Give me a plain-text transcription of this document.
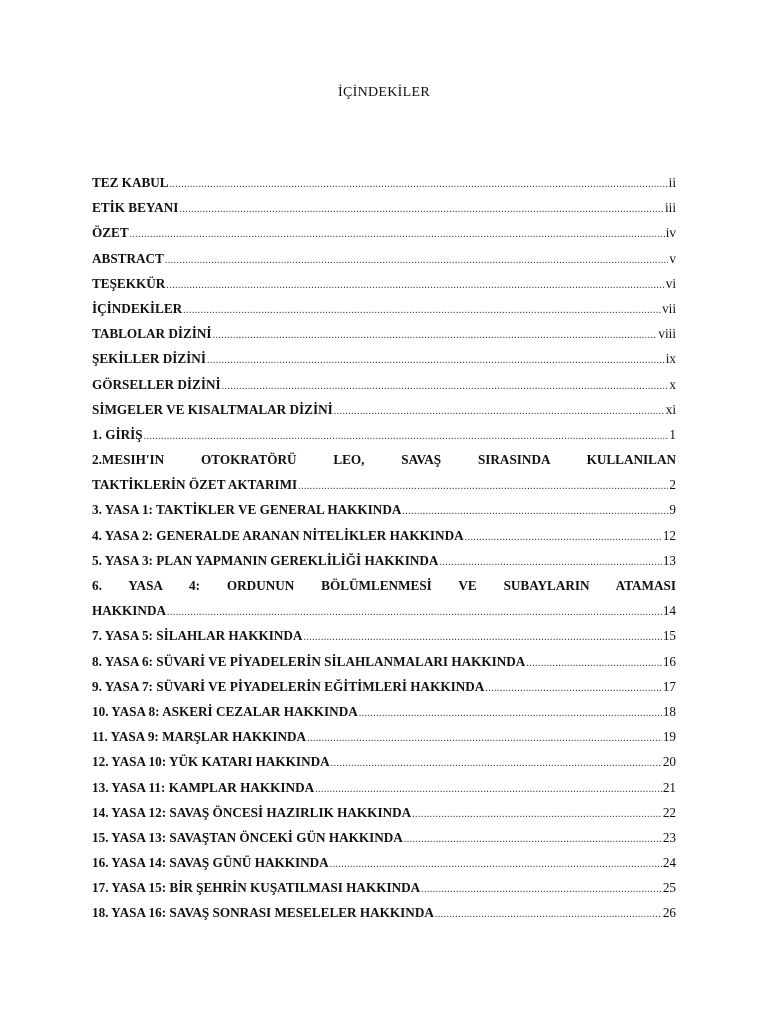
İÇİNDEKİLER
TEZ KABUL .....	ii
ETİK BEYANI .....	iii
ÖZET .....	iv
ABSTRACT .....	v
TEŞEKKÜR .....	vi
İÇİNDEKİLER .....	vii
TABLOLAR DİZİNİ .....	viii
ŞEKİLLER DİZİNİ .....	ix
GÖRSELLER DİZİNİ .....	x
SİMGELER VE KISALTMALAR DİZİNİ .....	xi
1. GİRİŞ .....	1
2.MESIH'IN OTOKRATÖRÜ LEO, SAVAŞ SIRASINDA KULLANILAN
TAKTİKLERİN ÖZET AKTARIMI .....	2
3. YASA 1: TAKTİKLER VE GENERAL HAKKINDA .....	9
4. YASA 2: GENERALDE ARANAN NİTELİKLER HAKKINDA .....	12
5. YASA 3: PLAN YAPMANIN GEREKLİLİĞİ HAKKINDA .....	13
6. YASA 4: ORDUNUN BÖLÜMLENMESİ VE SUBAYLARIN ATAMASI
HAKKINDA .....	14
7. YASA 5: SİLAHLAR HAKKINDA .....	15
8. YASA 6: SÜVARİ VE PİYADELERİN SİLAHLANMALARI HAKKINDA .....	16
9. YASA 7: SÜVARİ VE PİYADELERİN EĞİTİMLERİ HAKKINDA .....	17
10. YASA 8: ASKERİ CEZALAR HAKKINDA .....	18
11. YASA 9: MARŞLAR HAKKINDA .....	19
12. YASA 10: YÜK KATARI HAKKINDA .....	20
13. YASA 11: KAMPLAR HAKKINDA .....	21
14. YASA 12: SAVAŞ ÖNCESİ HAZIRLIK HAKKINDA .....	22
15. YASA 13: SAVAŞTAN ÖNCEKİ GÜN HAKKINDA .....	23
16. YASA 14: SAVAŞ GÜNÜ HAKKINDA .....	24
17. YASA 15: BİR ŞEHRİN KUŞATILMASI HAKKINDA .....	25
18. YASA 16: SAVAŞ SONRASI MESELELER HAKKINDA .....	26
